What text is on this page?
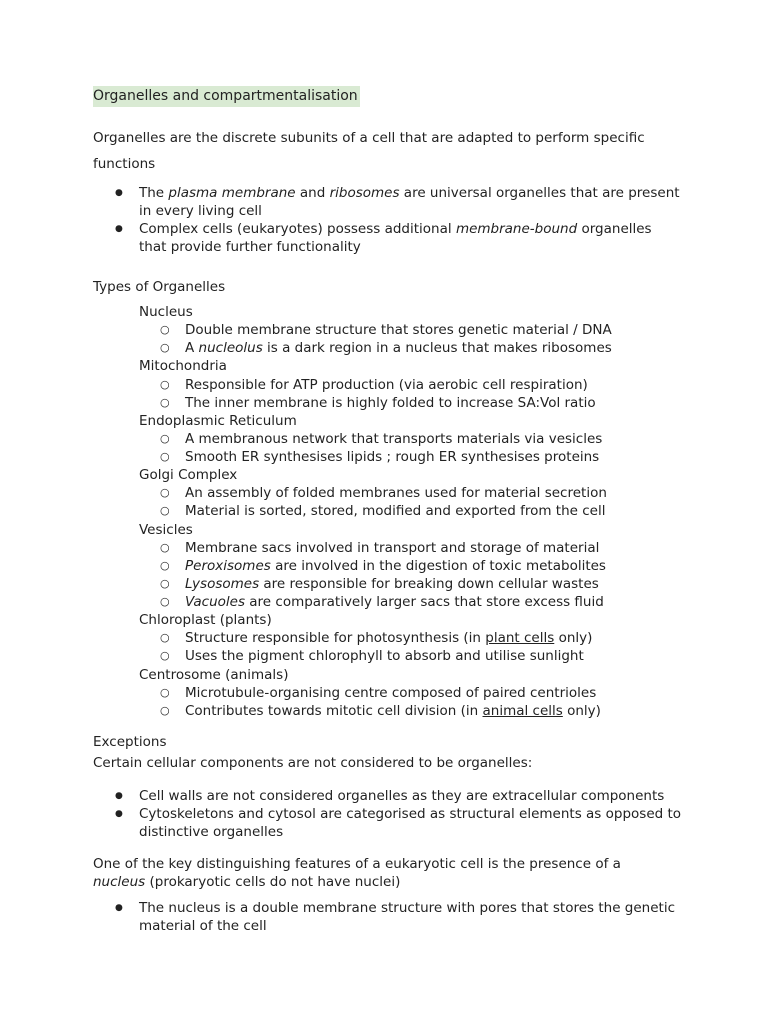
Organelles and compartmentalisation

Organelles are the discrete subunits of a cell that are adapted to perform specific functions

● The plasma membrane and ribosomes are universal organelles that are present in every living cell
● Complex cells (eukaryotes) possess additional membrane-bound organelles that provide further functionality
Types of Organelles
Nucleus
○ Double membrane structure that stores genetic material / DNA
○ A nucleolus is a dark region in a nucleus that makes ribosomes
Mitochondria
○ Responsible for ATP production (via aerobic cell respiration)
○ The inner membrane is highly folded to increase SA:Vol ratio
Endoplasmic Reticulum
○ A membranous network that transports materials via vesicles
○ Smooth ER synthesises lipids ; rough ER synthesises proteins
Golgi Complex
○ An assembly of folded membranes used for material secretion
○ Material is sorted, stored, modified and exported from the cell
Vesicles
○ Membrane sacs involved in transport and storage of material
○ Peroxisomes are involved in the digestion of toxic metabolites
○ Lysosomes are responsible for breaking down cellular wastes
○ Vacuoles are comparatively larger sacs that store excess fluid
Chloroplast (plants)
○ Structure responsible for photosynthesis (in plant cells only)
○ Uses the pigment chlorophyll to absorb and utilise sunlight
Centrosome (animals)
○ Microtubule-organising centre composed of paired centrioles
○ Contributes towards mitotic cell division (in animal cells only)

Exceptions

Certain cellular components are not considered to be organelles:

● Cell walls are not considered organelles as they are extracellular components
● Cytoskeletons and cytosol are categorised as structural elements as opposed to distinctive organelles

One of the key distinguishing features of a eukaryotic cell is the presence of a nucleus (prokaryotic cells do not have nuclei)

● The nucleus is a double membrane structure with pores that stores the genetic material of the cell
